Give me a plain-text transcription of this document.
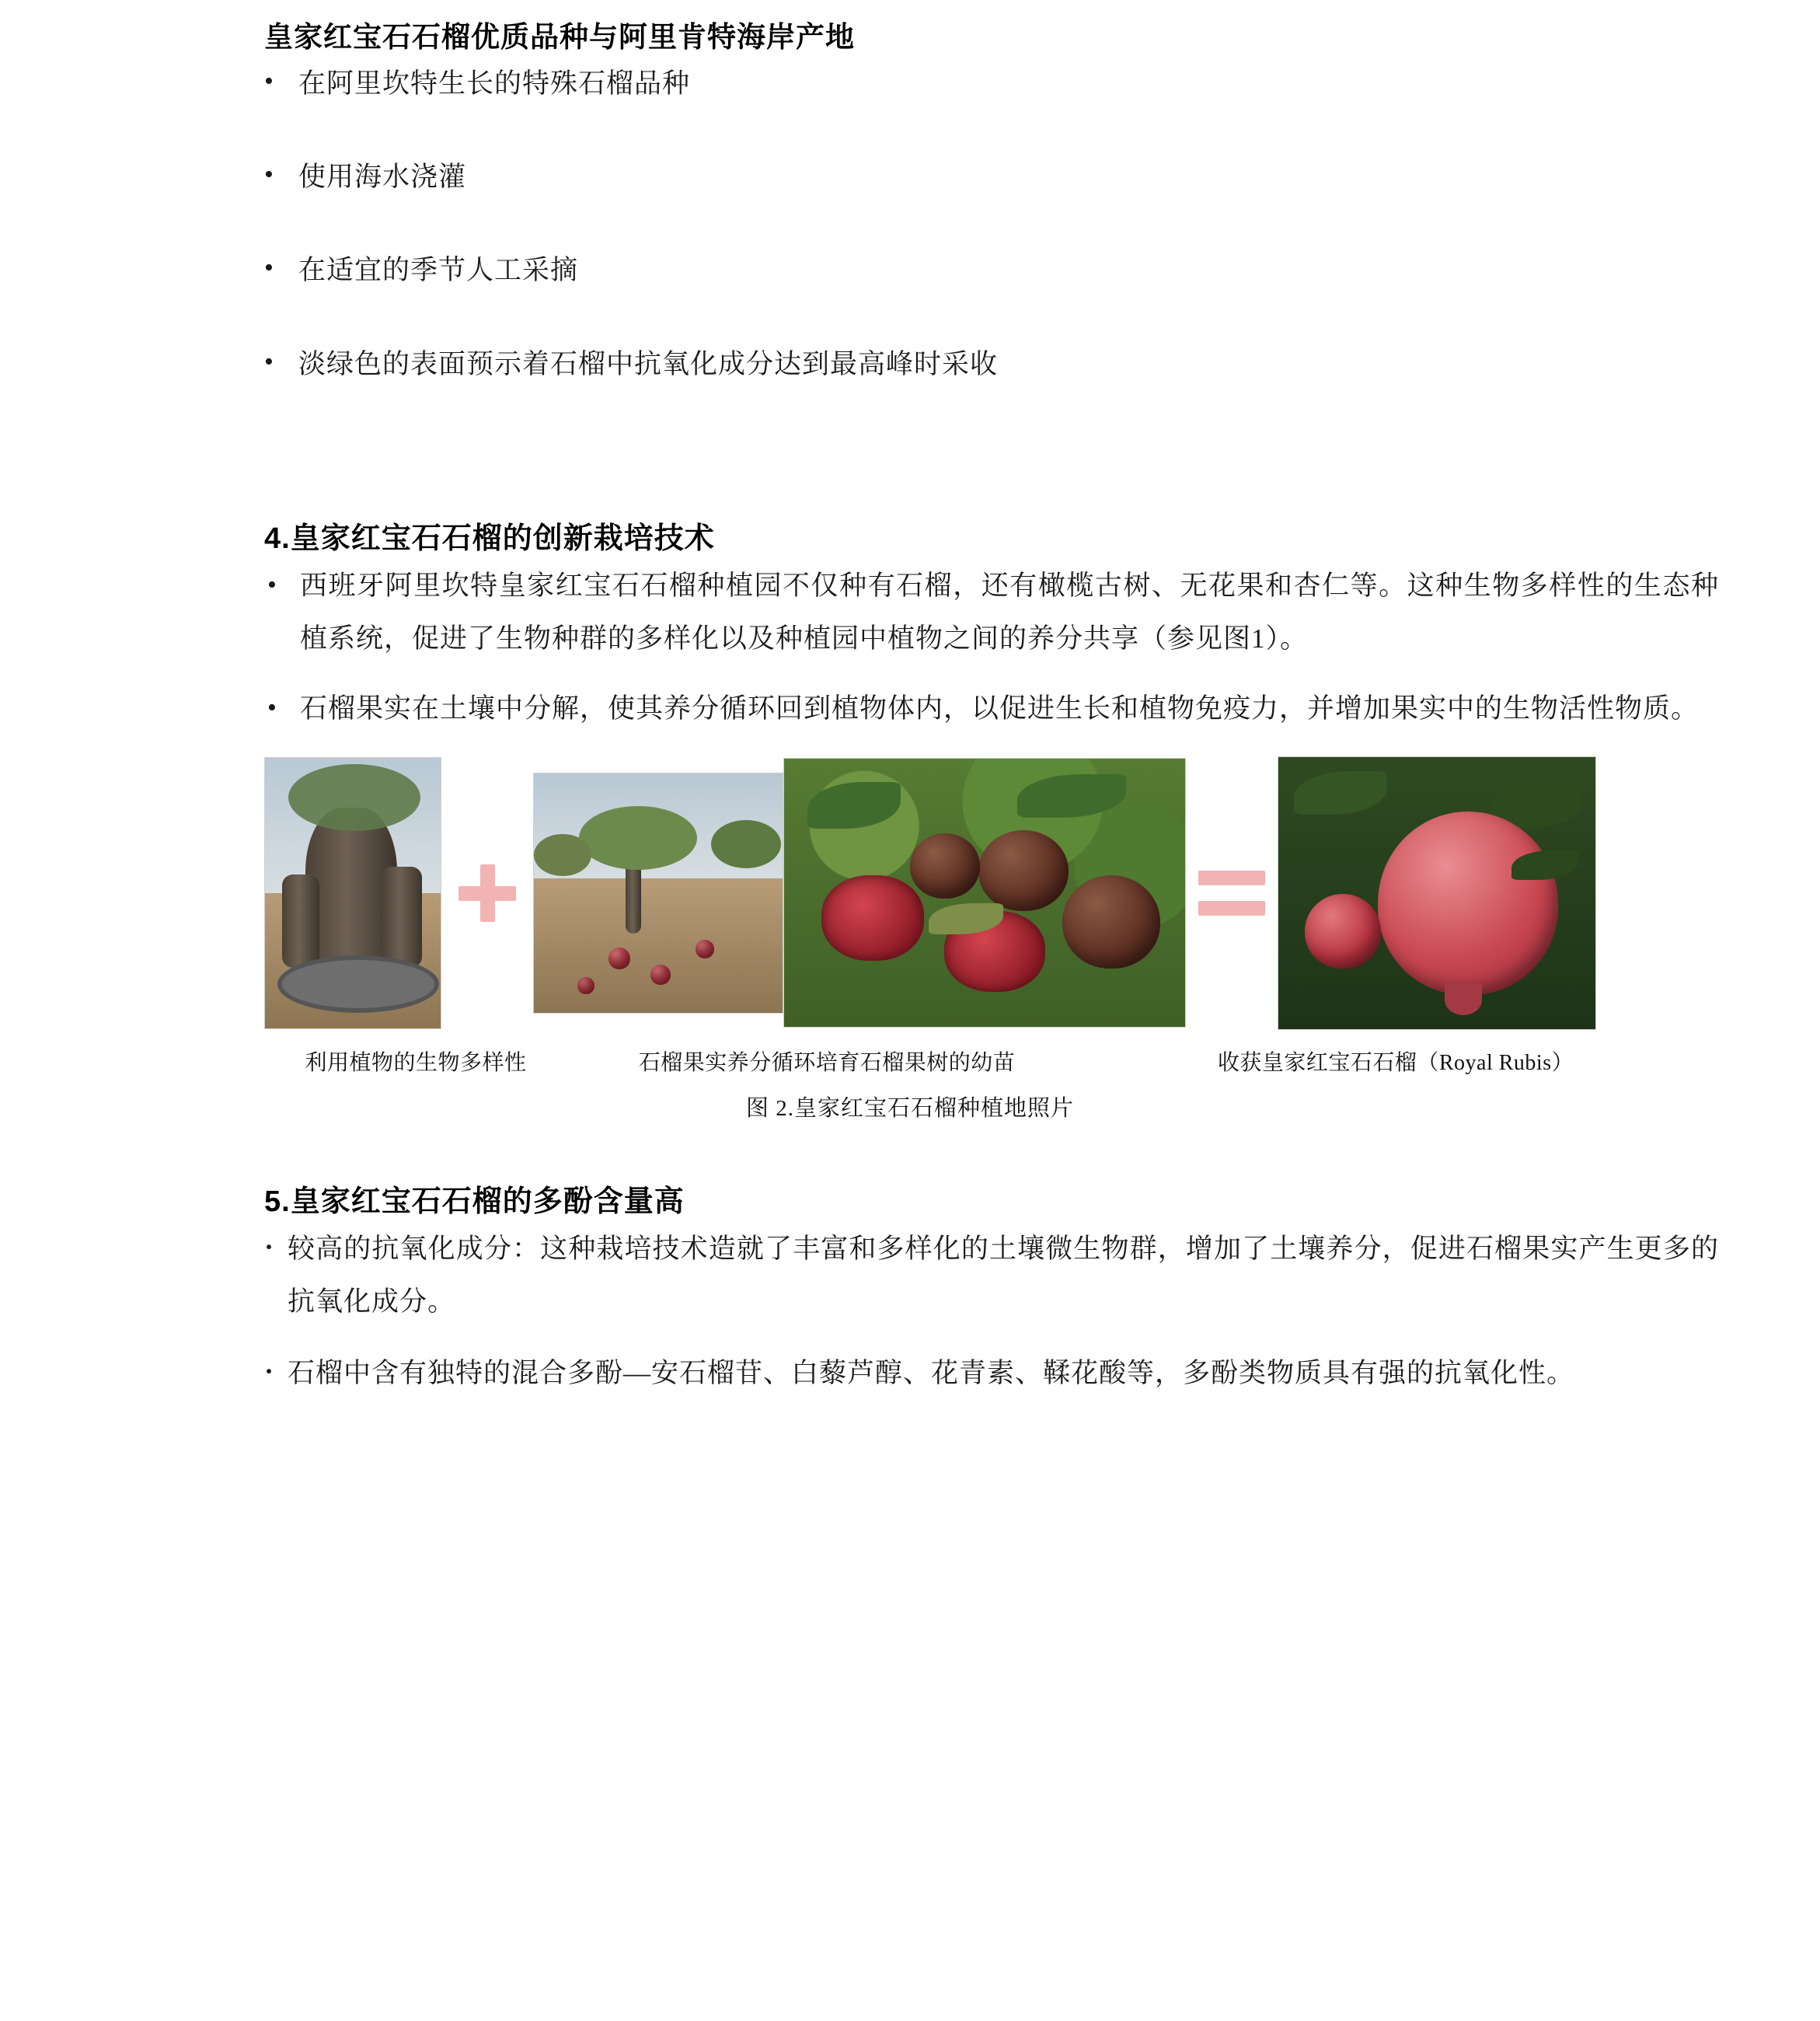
皇家红宝石石榴优质品种与阿里肯特海岸产地
• 在阿里坎特生长的特殊石榴品种
• 使用海水浇灌
• 在适宜的季节人工采摘
• 淡绿色的表面预示着石榴中抗氧化成分达到最高峰时采收
4.皇家红宝石石榴的创新栽培技术
• 西班牙阿里坎特皇家红宝石石榴种植园不仅种有石榴，还有橄榄古树、无花果和杏仁等。这种生物多样性的生态种植系统，促进了生物种群的多样化以及种植园中植物之间的养分共享（参见图1）。
• 石榴果实在土壤中分解，使其养分循环回到植物体内，以促进生长和植物免疫力，并增加果实中的生物活性物质。
利用植物的生物多样性	石榴果实养分循环培育石榴果树的幼苗	收获皇家红宝石石榴（Royal Rubis）
图 2.皇家红宝石石榴种植地照片
5.皇家红宝石石榴的多酚含量高
· 较高的抗氧化成分：这种栽培技术造就了丰富和多样化的土壤微生物群，增加了土壤养分，促进石榴果实产生更多的抗氧化成分。
· 石榴中含有独特的混合多酚—安石榴苷、白藜芦醇、花青素、鞣花酸等，多酚类物质具有强的抗氧化性。
